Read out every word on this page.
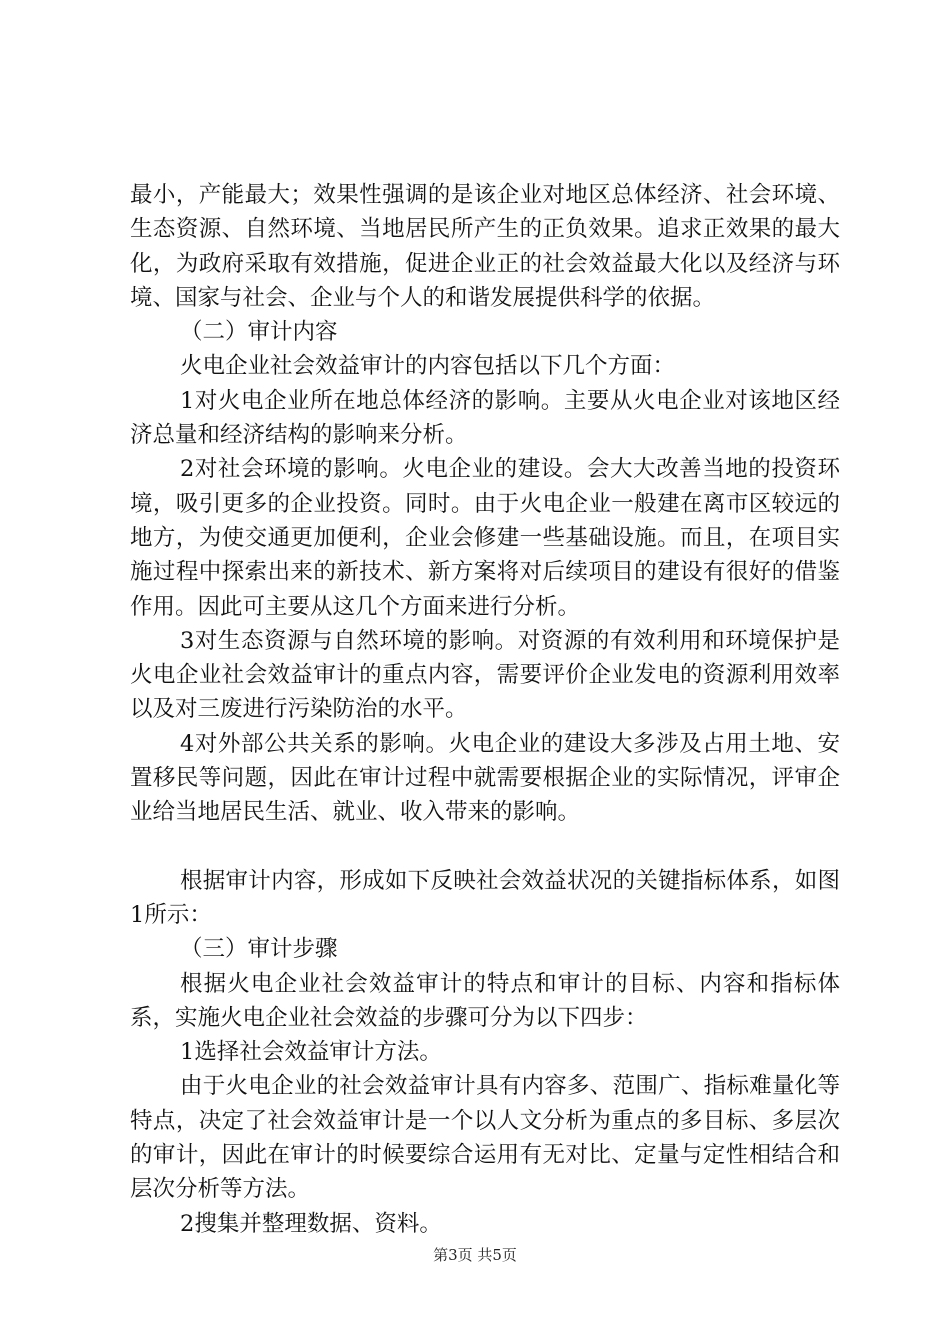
最小，产能最大；效果性强调的是该企业对地区总体经济、社会环境、生态资源、自然环境、当地居民所产生的正负效果。追求正效果的最大化，为政府采取有效措施，促进企业正的社会效益最大化以及经济与环境、国家与社会、企业与个人的和谐发展提供科学的依据。

（二）审计内容

火电企业社会效益审计的内容包括以下几个方面：

1对火电企业所在地总体经济的影响。主要从火电企业对该地区经济总量和经济结构的影响来分析。

2对社会环境的影响。火电企业的建设。会大大改善当地的投资环境，吸引更多的企业投资。同时。由于火电企业一般建在离市区较远的地方，为使交通更加便利，企业会修建一些基础设施。而且，在项目实施过程中探索出来的新技术、新方案将对后续项目的建设有很好的借鉴作用。因此可主要从这几个方面来进行分析。

3对生态资源与自然环境的影响。对资源的有效利用和环境保护是火电企业社会效益审计的重点内容，需要评价企业发电的资源利用效率以及对三废进行污染防治的水平。

4对外部公共关系的影响。火电企业的建设大多涉及占用土地、安置移民等问题，因此在审计过程中就需要根据企业的实际情况，评审企业给当地居民生活、就业、收入带来的影响。

根据审计内容，形成如下反映社会效益状况的关键指标体系，如图1所示：

（三）审计步骤

根据火电企业社会效益审计的特点和审计的目标、内容和指标体系，实施火电企业社会效益的步骤可分为以下四步：

1选择社会效益审计方法。

由于火电企业的社会效益审计具有内容多、范围广、指标难量化等特点，决定了社会效益审计是一个以人文分析为重点的多目标、多层次的审计，因此在审计的时候要综合运用有无对比、定量与定性相结合和层次分析等方法。

2搜集并整理数据、资料。

第3页 共5页
